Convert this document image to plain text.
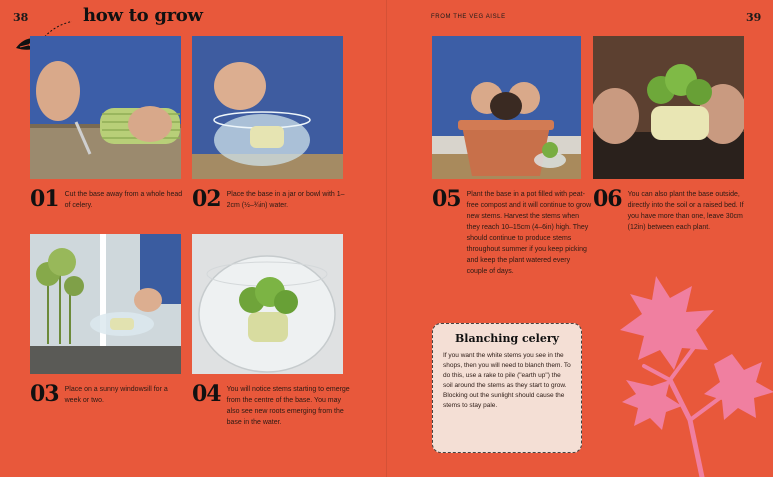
38	how to grow
01 Cut the base away from a whole head of celery.	02 Place the base in a jar or bowl with 1–2cm (½–¾in) water.
03 Place on a sunny windowsill for a week or two.	04 You will notice stems starting to emerge from the centre of the base. You may also see new roots emerging from the base in the water.
FROM THE VEG AISLE	39
05 Plant the base in a pot filled with peat-free compost and it will continue to grow new stems. Harvest the stems when they reach 10–15cm (4–6in) high. They should continue to produce stems throughout summer if you keep picking and keep the plant watered every couple of days.
06 You can also plant the base outside, directly into the soil or a raised bed. If you have more than one, leave 30cm (12in) between each plant.
Blanching celery

If you want the white stems you see in the shops, then you will need to blanch them. To do this, use a rake to pile ("earth up") the soil around the stems as they start to grow. Blocking out the sunlight should cause the stems to stay pale.
